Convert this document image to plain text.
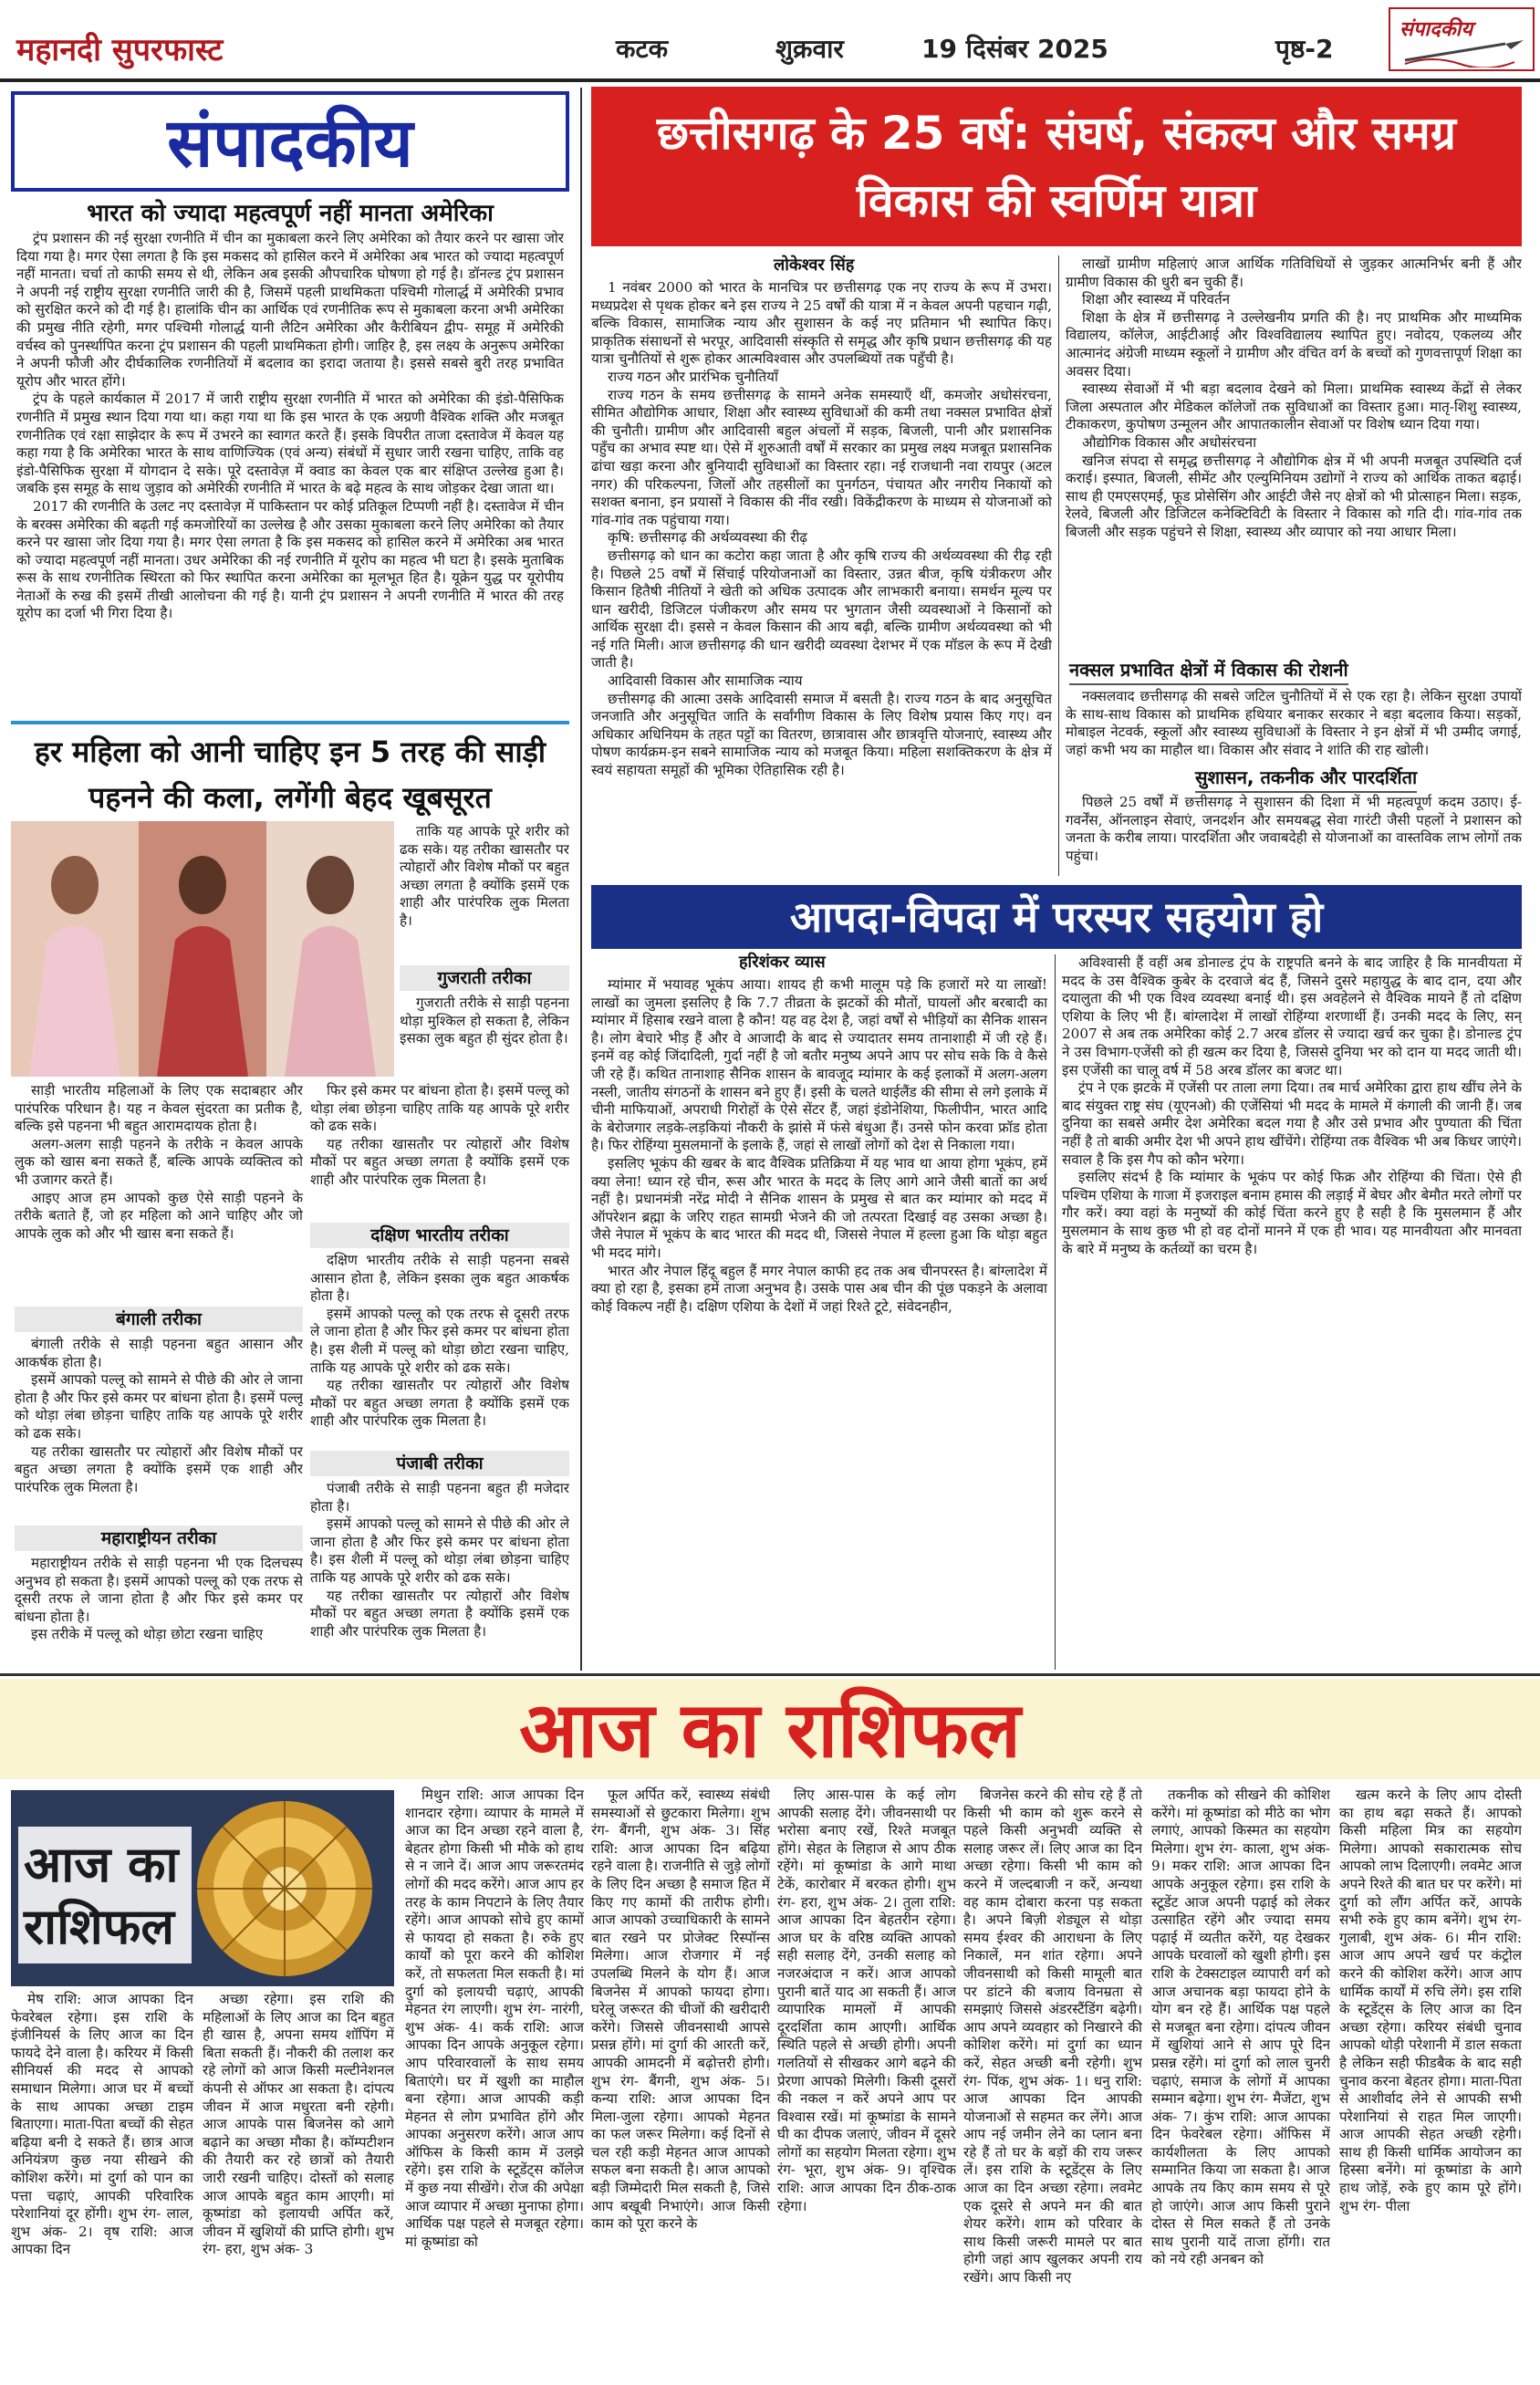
महानदी सुपरफास्ट	कटक	शुक्रवार	19 दिसंबर 2025	पृष्ठ-2
संपादकीय
संपादकीय
भारत को ज्यादा महत्वपूर्ण नहीं मानता अमेरिका

ट्रंप प्रशासन की नई सुरक्षा रणनीति में चीन का मुकाबला करने लिए अमेरिका को तैयार करने पर खासा जोर दिया गया है। मगर ऐसा लगता है कि इस मकसद को हासिल करने में अमेरिका अब भारत को ज्यादा महत्वपूर्ण नहीं मानता। चर्चा तो काफी समय से थी, लेकिन अब इसकी औपचारिक घोषणा हो गई है। डॉनल्ड ट्रंप प्रशासन ने अपनी नई राष्ट्रीय सुरक्षा रणनीति जारी की है, जिसमें पहली प्राथमिकता पश्चिमी गोलार्द्ध में अमेरिकी प्रभाव को सुरक्षित करने को दी गई है। हालांकि चीन का आर्थिक एवं रणनीतिक रूप से मुकाबला करना अभी अमेरिका की प्रमुख नीति रहेगी, मगर पश्चिमी गोलार्द्ध यानी लैटिन अमेरिका और कैरीबियन द्वीप- समूह में अमेरिकी वर्चस्व को पुनर्स्थापित करना ट्रंप प्रशासन की पहली प्राथमिकता होगी। जाहिर है, इस लक्ष्य के अनुरूप अमेरिका ने अपनी फौजी और दीर्घकालिक रणनीतियों में बदलाव का इरादा जताया है। इससे सबसे बुरी तरह प्रभावित यूरोप और भारत होंगे।

ट्रंप के पहले कार्यकाल में 2017 में जारी राष्ट्रीय सुरक्षा रणनीति में भारत को अमेरिका की इंडो-पैसिफिक रणनीति में प्रमुख स्थान दिया गया था। कहा गया था कि इस भारत के एक अग्रणी वैश्विक शक्ति और मजबूत रणनीतिक एवं रक्षा साझेदार के रूप में उभरने का स्वागत करते हैं। इसके विपरीत ताजा दस्तावेज में केवल यह कहा गया है कि अमेरिका भारत के साथ वाणिज्यिक (एवं अन्य) संबंधों में सुधार जारी रखना चाहिए, ताकि वह इंडो-पैसिफिक सुरक्षा में योगदान दे सके। पूरे दस्तावेज़ में क्वाड का केवल एक बार संक्षिप्त उल्लेख हुआ है। जबकि इस समूह के साथ जुड़ाव को अमेरिकी रणनीति में भारत के बढ़े महत्व के साथ जोड़कर देखा जाता था।

2017 की रणनीति के उलट नए दस्तावेज़ में पाकिस्तान पर कोई प्रतिकूल टिप्पणी नहीं है। दस्तावेज में चीन के बरक्स अमेरिका की बढ़ती गई कमजोरियों का उल्लेख है और उसका मुकाबला करने लिए अमेरिका को तैयार करने पर खासा जोर दिया गया है। मगर ऐसा लगता है कि इस मकसद को हासिल करने में अमेरिका अब भारत को ज्यादा महत्वपूर्ण नहीं मानता। उधर अमेरिका की नई रणनीति में यूरोप का महत्व भी घटा है। इसके मुताबिक रूस के साथ रणनीतिक स्थिरता को फिर स्थापित करना अमेरिका का मूलभूत हित है। यूक्रेन युद्ध पर यूरोपीय नेताओं के रुख की इसमें तीखी आलोचना की गई है। यानी ट्रंप प्रशासन ने अपनी रणनीति में भारत की तरह यूरोप का दर्जा भी गिरा दिया है।

छत्तीसगढ़ के 25 वर्ष: संघर्ष, संकल्प और समग्र विकास की स्वर्णिम यात्रा
लोकेश्वर सिंह

1 नवंबर 2000 को भारत के मानचित्र पर छत्तीसगढ़ एक नए राज्य के रूप में उभरा। मध्यप्रदेश से पृथक होकर बने इस राज्य ने 25 वर्षों की यात्रा में न केवल अपनी पहचान गढ़ी, बल्कि विकास, सामाजिक न्याय और सुशासन के कई नए प्रतिमान भी स्थापित किए। प्राकृतिक संसाधनों से भरपूर, आदिवासी संस्कृति से समृद्ध और कृषि प्रधान छत्तीसगढ़ की यह यात्रा चुनौतियों से शुरू होकर आत्मविश्वास और उपलब्धियों तक पहुँची है।

राज्य गठन और प्रारंभिक चुनौतियाँ

राज्य गठन के समय छत्तीसगढ़ के सामने अनेक समस्याएँ थीं, कमजोर अधोसंरचना, सीमित औद्योगिक आधार, शिक्षा और स्वास्थ्य सुविधाओं की कमी तथा नक्सल प्रभावित क्षेत्रों की चुनौती। ग्रामीण और आदिवासी बहुल अंचलों में सड़क, बिजली, पानी और प्रशासनिक पहुँच का अभाव स्पष्ट था। ऐसे में शुरुआती वर्षों में सरकार का प्रमुख लक्ष्य मजबूत प्रशासनिक ढांचा खड़ा करना और बुनियादी सुविधाओं का विस्तार रहा। नई राजधानी नवा रायपुर (अटल नगर) की परिकल्पना, जिलों और तहसीलों का पुनर्गठन, पंचायत और नगरीय निकायों को सशक्त बनाना, इन प्रयासों ने विकास की नींव रखी। विकेंद्रीकरण के माध्यम से योजनाओं को गांव-गांव तक पहुंचाया गया।

कृषि: छत्तीसगढ़ की अर्थव्यवस्था की रीढ़

छत्तीसगढ़ को धान का कटोरा कहा जाता है और कृषि राज्य की अर्थव्यवस्था की रीढ़ रही है। पिछले 25 वर्षों में सिंचाई परियोजनाओं का विस्तार, उन्नत बीज, कृषि यंत्रीकरण और किसान हितैषी नीतियों ने खेती को अधिक उत्पादक और लाभकारी बनाया। समर्थन मूल्य पर धान खरीदी, डिजिटल पंजीकरण और समय पर भुगतान जैसी व्यवस्थाओं ने किसानों को आर्थिक सुरक्षा दी। इससे न केवल किसान की आय बढ़ी, बल्कि ग्रामीण अर्थव्यवस्था को भी नई गति मिली। आज छत्तीसगढ़ की धान खरीदी व्यवस्था देशभर में एक मॉडल के रूप में देखी जाती है।

आदिवासी विकास और सामाजिक न्याय

छत्तीसगढ़ की आत्मा उसके आदिवासी समाज में बसती है। राज्य गठन के बाद अनुसूचित जनजाति और अनुसूचित जाति के सर्वांगीण विकास के लिए विशेष प्रयास किए गए। वन अधिकार अधिनियम के तहत पट्टों का वितरण, छात्रावास और छात्रवृत्ति योजनाएं, स्वास्थ्य और पोषण कार्यक्रम-इन सबने सामाजिक न्याय को मजबूत किया। महिला सशक्तिकरण के क्षेत्र में स्वयं सहायता समूहों की भूमिका ऐतिहासिक रही है।

लाखों ग्रामीण महिलाएं आज आर्थिक गतिविधियों से जुड़कर आत्मनिर्भर बनी हैं और ग्रामीण विकास की धुरी बन चुकी हैं।

शिक्षा और स्वास्थ्य में परिवर्तन

शिक्षा के क्षेत्र में छत्तीसगढ़ ने उल्लेखनीय प्रगति की है। नए प्राथमिक और माध्यमिक विद्यालय, कॉलेज, आईटीआई और विश्वविद्यालय स्थापित हुए। नवोदय, एकलव्य और आत्मानंद अंग्रेजी माध्यम स्कूलों ने ग्रामीण और वंचित वर्ग के बच्चों को गुणवत्तापूर्ण शिक्षा का अवसर दिया।

स्वास्थ्य सेवाओं में भी बड़ा बदलाव देखने को मिला। प्राथमिक स्वास्थ्य केंद्रों से लेकर जिला अस्पताल और मेडिकल कॉलेजों तक सुविधाओं का विस्तार हुआ। मातृ-शिशु स्वास्थ्य, टीकाकरण, कुपोषण उन्मूलन और आपातकालीन सेवाओं पर विशेष ध्यान दिया गया।

औद्योगिक विकास और अधोसंरचना

खनिज संपदा से समृद्ध छत्तीसगढ़ ने औद्योगिक क्षेत्र में भी अपनी मजबूत उपस्थिति दर्ज कराई। इस्पात, बिजली, सीमेंट और एल्युमिनियम उद्योगों ने राज्य को आर्थिक ताकत बढ़ाई। साथ ही एमएसएमई, फूड प्रोसेसिंग और आईटी जैसे नए क्षेत्रों को भी प्रोत्साहन मिला। सड़क, रेलवे, बिजली और डिजिटल कनेक्टिविटी के विस्तार ने विकास को गति दी। गांव-गांव तक बिजली और सड़क पहुंचने से शिक्षा, स्वास्थ्य और व्यापार को नया आधार मिला।

नक्सल प्रभावित क्षेत्रों में विकास की रोशनी

नक्सलवाद छत्तीसगढ़ की सबसे जटिल चुनौतियों में से एक रहा है। लेकिन सुरक्षा उपायों के साथ-साथ विकास को प्राथमिक हथियार बनाकर सरकार ने बड़ा बदलाव किया। सड़कों, मोबाइल नेटवर्क, स्कूलों और स्वास्थ्य सुविधाओं के विस्तार ने इन क्षेत्रों में भी उम्मीद जगाई, जहां कभी भय का माहौल था। विकास और संवाद ने शांति की राह खोली।

सुशासन, तकनीक और पारदर्शिता

पिछले 25 वर्षों में छत्तीसगढ़ ने सुशासन की दिशा में भी महत्वपूर्ण कदम उठाए। ई-गवर्नेंस, ऑनलाइन सेवाएं, जनदर्शन और समयबद्ध सेवा गारंटी जैसी पहलों ने प्रशासन को जनता के करीब लाया। पारदर्शिता और जवाबदेही से योजनाओं का वास्तविक लाभ लोगों तक पहुंचा।

हर महिला को आनी चाहिए इन 5 तरह की साड़ी
पहनने की कला, लगेंगी बेहद खूबसूरत

ताकि यह आपके पूरे शरीर को ढक सके। यह तरीका खासतौर पर त्योहारों और विशेष मौकों पर बहुत अच्छा लगता है क्योंकि इसमें एक शाही और पारंपरिक लुक मिलता है।

गुजराती तरीका

गुजराती तरीके से साड़ी पहनना थोड़ा मुश्किल हो सकता है, लेकिन इसका लुक बहुत ही सुंदर होता है।

साड़ी भारतीय महिलाओं के लिए एक सदाबहार और पारंपरिक परिधान है। यह न केवल सुंदरता का प्रतीक है, बल्कि इसे पहनना भी बहुत आरामदायक होता है।

अलग-अलग साड़ी पहनने के तरीके न केवल आपके लुक को खास बना सकते हैं, बल्कि आपके व्यक्तित्व को भी उजागर करते हैं।

आइए आज हम आपको कुछ ऐसे साड़ी पहनने के तरीके बताते हैं, जो हर महिला को आने चाहिए और जो आपके लुक को और भी खास बना सकते हैं।

बंगाली तरीका

बंगाली तरीके से साड़ी पहनना बहुत आसान और आकर्षक होता है।

इसमें आपको पल्लू को सामने से पीछे की ओर ले जाना होता है और फिर इसे कमर पर बांधना होता है। इसमें पल्लू को थोड़ा लंबा छोड़ना चाहिए ताकि यह आपके पूरे शरीर को ढक सके।

यह तरीका खासतौर पर त्योहारों और विशेष मौकों पर बहुत अच्छा लगता है क्योंकि इसमें एक शाही और पारंपरिक लुक मिलता है।

महाराष्ट्रीयन तरीका

महाराष्ट्रीयन तरीके से साड़ी पहनना भी एक दिलचस्प अनुभव हो सकता है। इसमें आपको पल्लू को एक तरफ से दूसरी तरफ ले जाना होता है और फिर इसे कमर पर बांधना होता है।

इस तरीके में पल्लू को थोड़ा छोटा रखना चाहिए

फिर इसे कमर पर बांधना होता है। इसमें पल्लू को थोड़ा लंबा छोड़ना चाहिए ताकि यह आपके पूरे शरीर को ढक सके।

यह तरीका खासतौर पर त्योहारों और विशेष मौकों पर बहुत अच्छा लगता है क्योंकि इसमें एक शाही और पारंपरिक लुक मिलता है।

दक्षिण भारतीय तरीका

दक्षिण भारतीय तरीके से साड़ी पहनना सबसे आसान होता है, लेकिन इसका लुक बहुत आकर्षक होता है।

इसमें आपको पल्लू को एक तरफ से दूसरी तरफ ले जाना होता है और फिर इसे कमर पर बांधना होता है। इस शैली में पल्लू को थोड़ा छोटा रखना चाहिए, ताकि यह आपके पूरे शरीर को ढक सके।

यह तरीका खासतौर पर त्योहारों और विशेष मौकों पर बहुत अच्छा लगता है क्योंकि इसमें एक शाही और पारंपरिक लुक मिलता है।

पंजाबी तरीका

पंजाबी तरीके से साड़ी पहनना बहुत ही मजेदार होता है।

इसमें आपको पल्लू को सामने से पीछे की ओर ले जाना होता है और फिर इसे कमर पर बांधना होता है। इस शैली में पल्लू को थोड़ा लंबा छोड़ना चाहिए ताकि यह आपके पूरे शरीर को ढक सके।

यह तरीका खासतौर पर त्योहारों और विशेष मौकों पर बहुत अच्छा लगता है क्योंकि इसमें एक शाही और पारंपरिक लुक मिलता है।

आपदा-विपदा में परस्पर सहयोग हो
हरिशंकर व्यास

म्यांमार में भयावह भूकंप आया। शायद ही कभी मालूम पड़े कि हजारों मरे या लाखों! लाखों का जुमला इसलिए है कि 7.7 तीव्रता के झटकों की मौतों, घायलों और बरबादी का म्यांमार में हिसाब रखने वाला है कौन! यह वह देश है, जहां वर्षों से भीड़ियों का सैनिक शासन है। लोग बेचारे भीड़ हैं और वे आजादी के बाद से ज्यादातर समय तानाशाही में जी रहे हैं। इनमें वह कोई जिंदादिली, गुर्दा नहीं है जो बतौर मनुष्य अपने आप पर सोच सके कि वे कैसे जी रहे हैं। कथित तानाशाह सैनिक शासन के बावजूद म्यांमार के कई इलाकों में अलग-अलग नस्ली, जातीय संगठनों के शासन बने हुए हैं। इसी के चलते थाईलैंड की सीमा से लगे इलाके में चीनी माफियाओं, अपराधी गिरोहों के ऐसे सेंटर हैं, जहां इंडोनेशिया, फिलीपीन, भारत आदि के बेरोजगार लड़के-लड़कियां नौकरी के झांसे में फंसे बंधुआ हैं। उनसे फोन करवा फ्रॉड होता है। फिर रोहिंग्या मुसलमानों के इलाके हैं, जहां से लाखों लोगों को देश से निकाला गया।

इसलिए भूकंप की खबर के बाद वैश्विक प्रतिक्रिया में यह भाव था आया होगा भूकंप, हमें क्या लेना! ध्यान रहे चीन, रूस और भारत के मदद के लिए आगे आने जैसी बातों का अर्थ नहीं है। प्रधानमंत्री नरेंद्र मोदी ने सैनिक शासन के प्रमुख से बात कर म्यांमार को मदद में ऑपरेशन ब्रह्मा के जरिए राहत सामग्री भेजने की जो तत्परता दिखाई वह उसका अच्छा है। जैसे नेपाल में भूकंप के बाद भारत की मदद थी, जिससे नेपाल में हल्ला हुआ कि थोड़ा बहुत भी मदद मांगे।

भारत और नेपाल हिंदू बहुल हैं मगर नेपाल काफी हद तक अब चीनपरस्त है। बांग्लादेश में क्या हो रहा है, इसका हमें ताजा अनुभव है। उसके पास अब चीन की पूंछ पकड़ने के अलावा कोई विकल्प नहीं है। दक्षिण एशिया के देशों में जहां रिश्ते टूटे, संवेदनहीन,

अविश्वासी हैं वहीं अब डोनाल्ड ट्रंप के राष्ट्रपति बनने के बाद जाहिर है कि मानवीयता में मदद के उस वैश्विक कुबेर के दरवाजे बंद हैं, जिसने दुसरे महायुद्ध के बाद दान, दया और दयालुता की भी एक विश्व व्यवस्था बनाई थी। इस अवहेलने से वैश्विक मायने हैं तो दक्षिण एशिया के लिए भी हैं। बांग्लादेश में लाखों रोहिंग्या शरणार्थी हैं। उनकी मदद के लिए, सन् 2007 से अब तक अमेरिका कोई 2.7 अरब डॉलर से ज्यादा खर्च कर चुका है। डोनाल्ड ट्रंप ने उस विभाग-एजेंसी को ही खत्म कर दिया है, जिससे दुनिया भर को दान या मदद जाती थी। इस एजेंसी का चालू वर्ष में 58 अरब डॉलर का बजट था।

ट्रंप ने एक झटके में एजेंसी पर ताला लगा दिया। तब मार्च अमेरिका द्वारा हाथ खींच लेने के बाद संयुक्त राष्ट्र संघ (यूएनओ) की एजेंसियां भी मदद के मामले में कंगाली की जानी हैं। जब दुनिया का सबसे अमीर देश अमेरिका बदल गया है और उसे प्रभाव और पुण्याता की चिंता नहीं है तो बाकी अमीर देश भी अपने हाथ खींचेंगे। रोहिंग्या तक वैश्विक भी अब किधर जाएंगे। सवाल है कि इस गैप को कौन भरेगा।

इसलिए संदर्भ है कि म्यांमार के भूकंप पर कोई फिक्र और रोहिंग्या की चिंता। ऐसे ही पश्चिम एशिया के गाजा में इजराइल बनाम हमास की लड़ाई में बेघर और बेमौत मरते लोगों पर गौर करें। क्या वहां के मनुष्यों की कोई चिंता करने हुए है सही है कि मुसलमान हैं और मुसलमान के साथ कुछ भी हो वह दोनों मानने में एक ही भाव। यह मानवीयता और मानवता के बारे में मनुष्य के कर्तव्यों का चरम है।

आज का राशिफल
आज का
राशिफल

मेष राशि: आज आपका दिन फेवरेबल रहेगा। इस राशि के इंजीनियर्स के लिए आज का दिन फायदे देने वाला है। करियर में किसी सीनियर्स की मदद से आपको समाधान मिलेगा। आज घर में बच्चों के साथ आपका अच्छा टाइम बिताएगा। माता-पिता बच्चों की सेहत बढ़िया बनी दे सकते हैं। छात्र आज अनियंत्रण कुछ नया सीखने की कोशिश करेंगे। मां दुर्गा को पान का पत्ता चढ़ाएं, आपकी परिवारिक परेशानियां दूर होंगी। शुभ रंग- लाल, शुभ अंक- 2। वृष राशि: आज आपका दिन

अच्छा रहेगा। इस राशि की महिलाओं के लिए आज का दिन बहुत ही खास है, अपना समय शॉपिंग में बिता सकती हैं। नौकरी की तलाश कर रहे लोगों को आज किसी मल्टीनेशनल कंपनी से ऑफर आ सकता है। दांपत्य जीवन में आज मधुरता बनी रहेगी। आज आपके पास बिजनेस को आगे बढ़ाने का अच्छा मौका है। कॉम्पटीशन की तैयारी कर रहे छात्रों को तैयारी जारी रखनी चाहिए। दोस्तों को सलाह आज आपके बहुत काम आएगी। मां कूष्मांडा को इलायची अर्पित करें, जीवन में खुशियों की प्राप्ति होगी। शुभ रंग- हरा, शुभ अंक- 3

मिथुन राशि: आज आपका दिन शानदार रहेगा। व्यापार के मामले में आज का दिन अच्छा रहने वाला है, बेहतर होगा किसी भी मौके को हाथ से न जाने दें। आज आप जरूरतमंद लोगों की मदद करेंगे। आज आप हर तरह के काम निपटाने के लिए तैयार रहेंगे। आज आपको सोचे हुए कामों से फायदा हो सकता है। रुके हुए कार्यों को पूरा करने की कोशिश करें, तो सफलता मिल सकती है। मां दुर्गा को इलायची चढ़ाएं, आपकी मेहनत रंग लाएगी। शुभ रंग- नारंगी, शुभ अंक- 4। कर्क राशि: आज आपका दिन आपके अनुकूल रहेगा। आप परिवारवालों के साथ समय बिताएंगे। घर में खुशी का माहौल बना रहेगा। आज आपकी कड़ी मेहनत से लोग प्रभावित होंगे और आपका अनुसरण करेंगे। आज आप ऑफिस के किसी काम में उलझे रहेंगे। इस राशि के स्टूडेंट्स कॉलेज में कुछ नया सीखेंगे। रोज की अपेक्षा आज व्यापार में अच्छा मुनाफा होगा। आर्थिक पक्ष पहले से मजबूत रहेगा। मां कूष्मांडा को

फूल अर्पित करें, स्वास्थ्य संबंधी समस्याओं से छुटकारा मिलेगा। शुभ रंग- बैंगनी, शुभ अंक- 3। सिंह राशि: आज आपका दिन बढ़िया रहने वाला है। राजनीति से जुड़े लोगों के लिए दिन अच्छा है समाज हित में किए गए कामों की तारीफ होगी। आज आपको उच्चाधिकारी के सामने बात रखने पर प्रोजेक्ट रिस्पॉन्स मिलेगा। आज रोजगार में नई उपलब्धि मिलने के योग हैं। आज बिजनेस में आपको फायदा होगा। घरेलू जरूरत की चीजों की खरीदारी करेंगे। जिससे जीवनसाथी आपसे प्रसन्न होंगे। मां दुर्गा की आरती करें, आपकी आमदनी में बढ़ोत्तरी होगी। शुभ रंग- बैंगनी, शुभ अंक- 5। कन्या राशि: आज आपका दिन मिला-जुला रहेगा। आपको मेहनत का फल जरूर मिलेगा। कई दिनों से चल रही कड़ी मेहनत आज आपको सफल बना सकती है। आज आपको बड़ी जिम्मेदारी मिल सकती है, जिसे आप बखूबी निभाएंगे। आज किसी काम को पूरा करने के

लिए आस-पास के कई लोग आपकी सलाह देंगे। जीवनसाथी पर भरोसा बनाए रखें, रिश्ते मजबूत होंगे। सेहत के लिहाज से आप ठीक रहेंगे। मां कूष्मांडा के आगे माथा टेकें, कारोबार में बरकत होगी। शुभ रंग- हरा, शुभ अंक- 2। तुला राशि: आज आपका दिन बेहतरीन रहेगा। आज घर के वरिष्ठ व्यक्ति आपको सही सलाह देंगे, उनकी सलाह को नजरअंदाज न करें। आज आपको पुरानी बातें याद आ सकती हैं। आज व्यापारिक मामलों में आपकी दूरदर्शिता काम आएगी। आर्थिक स्थिति पहले से अच्छी होगी। अपनी गलतियों से सीखकर आगे बढ़ने की प्रेरणा आपको मिलेगी। किसी दूसरों की नकल न करें अपने आप पर विश्वास रखें। मां कूष्मांडा के सामने घी का दीपक जलाएं, जीवन में दूसरे लोगों का सहयोग मिलता रहेगा। शुभ रंग- भूरा, शुभ अंक- 9। वृश्चिक राशि: आज आपका दिन ठीक-ठाक रहेगा।

बिजनेस करने की सोच रहे हैं तो किसी भी काम को शुरू करने से पहले किसी अनुभवी व्यक्ति से सलाह जरूर लें। लिए आज का दिन अच्छा रहेगा। किसी भी काम को करने में जल्दबाजी न करें, अन्यथा वह काम दोबारा करना पड़ सकता है। अपने बिज़ी शेड्यूल से थोड़ा समय ईश्वर की आराधना के लिए निकालें, मन शांत रहेगा। अपने जीवनसाथी को किसी मामूली बात पर डांटने की बजाय विनम्रता से समझाएं जिससे अंडरस्टैंडिंग बढ़ेगी। आप अपने व्यवहार को निखारने की कोशिश करेंगे। मां दुर्गा का ध्यान करें, सेहत अच्छी बनी रहेगी। शुभ रंग- पिंक, शुभ अंक- 1। धनु राशि: आज आपका दिन आपकी योजनाओं से सहमत कर लेंगे। आज आप नई जमीन लेने का प्लान बना रहे हैं तो घर के बड़ों की राय जरूर लें। इस राशि के स्टूडेंट्स के लिए आज का दिन अच्छा रहेगा। लवमेट एक दूसरे से अपने मन की बात शेयर करेंगे। शाम को परिवार के साथ किसी जरूरी मामले पर बात होगी जहां आप खुलकर अपनी राय रखेंगे। आप किसी नए

तकनीक को सीखने की कोशिश करेंगे। मां कूष्मांडा को मीठे का भोग लगाएं, आपको किस्मत का सहयोग मिलेगा। शुभ रंग- काला, शुभ अंक- 9। मकर राशि: आज आपका दिन आपके अनुकूल रहेगा। इस राशि के स्टूडेंट आज अपनी पढ़ाई को लेकर उत्साहित रहेंगे और ज्यादा समय पढ़ाई में व्यतीत करेंगे, यह देखकर आपके घरवालों को खुशी होगी। इस राशि के टेक्सटाइल व्यापारी वर्ग को आज अचानक बड़ा फायदा होने के योग बन रहे हैं। आर्थिक पक्ष पहले से मजबूत बना रहेगा। दांपत्य जीवन में खुशियां आने से आप पूरे दिन प्रसन्न रहेंगे। मां दुर्गा को लाल चुनरी चढ़ाएं, समाज के लोगों में आपका सम्मान बढ़ेगा। शुभ रंग- मैजेंटा, शुभ अंक- 7। कुंभ राशि: आज आपका दिन फेवरेबल रहेगा। ऑफिस में कार्यशीलता के लिए आपको सम्मानित किया जा सकता है। आज आपके तय किए काम समय से पूरे हो जाएंगे। आज आप किसी पुराने दोस्त से मिल सकते हैं तो उनके साथ पुरानी यादें ताजा होंगी। रात को नये रही अनबन को

खत्म करने के लिए आप दोस्ती का हाथ बढ़ा सकते हैं। आपको किसी महिला मित्र का सहयोग मिलेगा। आपको सकारात्मक सोच आपको लाभ दिलाएगी। लवमेट आज अपने रिश्ते की बात घर पर करेंगे। मां दुर्गा को लौंग अर्पित करें, आपके सभी रुके हुए काम बनेंगे। शुभ रंग- गुलाबी, शुभ अंक- 6। मीन राशि: आज आप अपने खर्च पर कंट्रोल करने की कोशिश करेंगे। आज आप धार्मिक कार्यों में रुचि लेंगे। इस राशि के स्टूडेंट्स के लिए आज का दिन अच्छा रहेगा। करियर संबंधी चुनाव आपको थोड़ी परेशानी में डाल सकता है लेकिन सही फीडबैक के बाद सही चुनाव करना बेहतर होगा। माता-पिता से आशीर्वाद लेने से आपकी सभी परेशानियां से राहत मिल जाएगी। आज आपकी सेहत अच्छी रहेगी। साथ ही किसी धार्मिक आयोजन का हिस्सा बनेंगे। मां कूष्मांडा के आगे हाथ जोड़ें, रुके हुए काम पूरे होंगे। शुभ रंग- पीला
